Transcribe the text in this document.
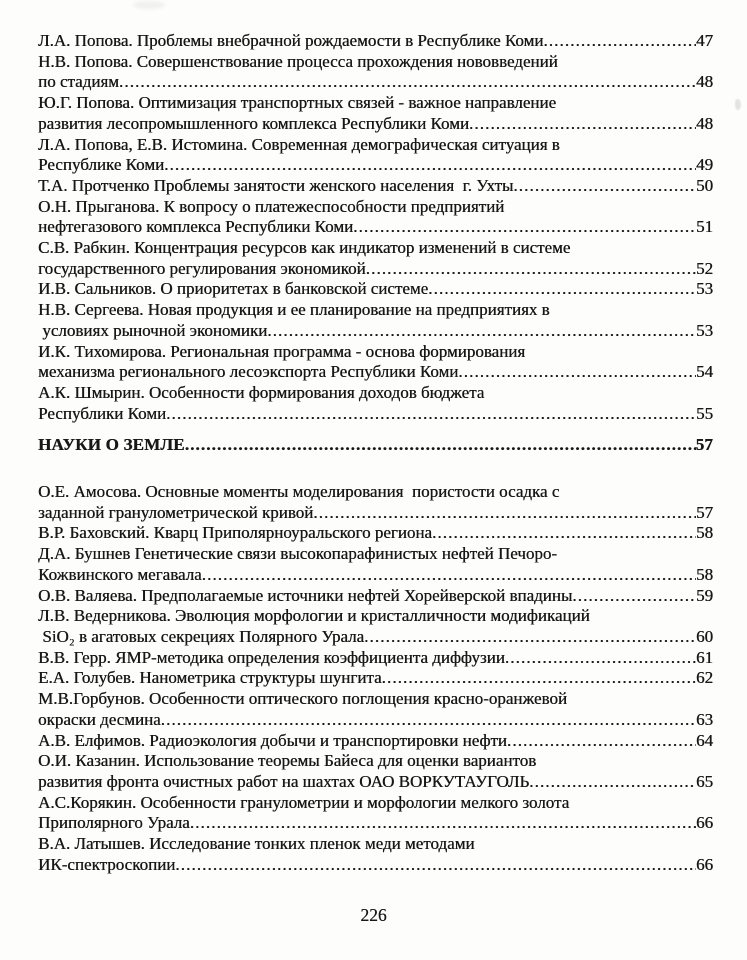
Л.А. Попова. Проблемы внебрачной рождаемости в Республике Коми .....	47
Н.В. Попова. Совершенствование процесса прохождения нововведений
по стадиям .....	48
Ю.Г. Попова. Оптимизация транспортных связей - важное направление
развития лесопромышленного комплекса Республики Коми .....	48
Л.А. Попова, Е.В. Истомина. Современная демографическая ситуация в
Республике Коми .....	49
Т.А. Протченко Проблемы занятости женского населения  г. Ухты .....	50
О.Н. Прыганова. К вопросу о платежеспособности предприятий
нефтегазового комплекса Республики Коми .....	51
С.В. Рабкин. Концентрация ресурсов как индикатор изменений в системе
государственного регулирования экономикой .....	52
И.В. Сальников. О приоритетах в банковской системе .....	53
Н.В. Сергеева. Новая продукция и ее планирование на предприятиях в
условиях рыночной экономики .....	53
И.К. Тихомирова. Региональная программа - основа формирования
механизма регионального лесоэкспорта Республики Коми .....	54
А.К. Шмырин. Особенности формирования доходов бюджета
Республики Коми .....	55
НАУКИ О ЗЕМЛЕ .....	57
О.Е. Амосова. Основные моменты моделирования  пористости осадка с
заданной гранулометрической кривой .....	57
В.Р. Баховский. Кварц Приполярноуральского региона .....	58
Д.А. Бушнев Генетические связи высокопарафинистых нефтей Печоро-
Кожвинского мегавала .....	58
О.В. Валяева. Предполагаемые источники нефтей Хорейверской впадины .....	59
Л.В. Ведерникова. Эволюция морфологии и кристалличности модификаций
SiO₂ в агатовых секрециях Полярного Урала .....	60
В.В. Герр. ЯМР-методика определения коэффициента диффузии .....	61
Е.А. Голубев. Нанометрика структуры шунгита .....	62
М.В.Горбунов. Особенности оптического поглощения красно-оранжевой
окраски десмина .....	63
А.В. Елфимов. Радиоэкология добычи и транспортировки нефти .....	64
О.И. Казанин. Использование теоремы Байеса для оценки вариантов
развития фронта очистных работ на шахтах ОАО ВОРКУТАУГОЛЬ .....	65
А.С.Корякин. Особенности гранулометрии и морфологии мелкого золота
Приполярного Урала .....	66
В.А. Латышев. Исследование тонких пленок меди методами
ИК-спектроскопии .....	66
226
